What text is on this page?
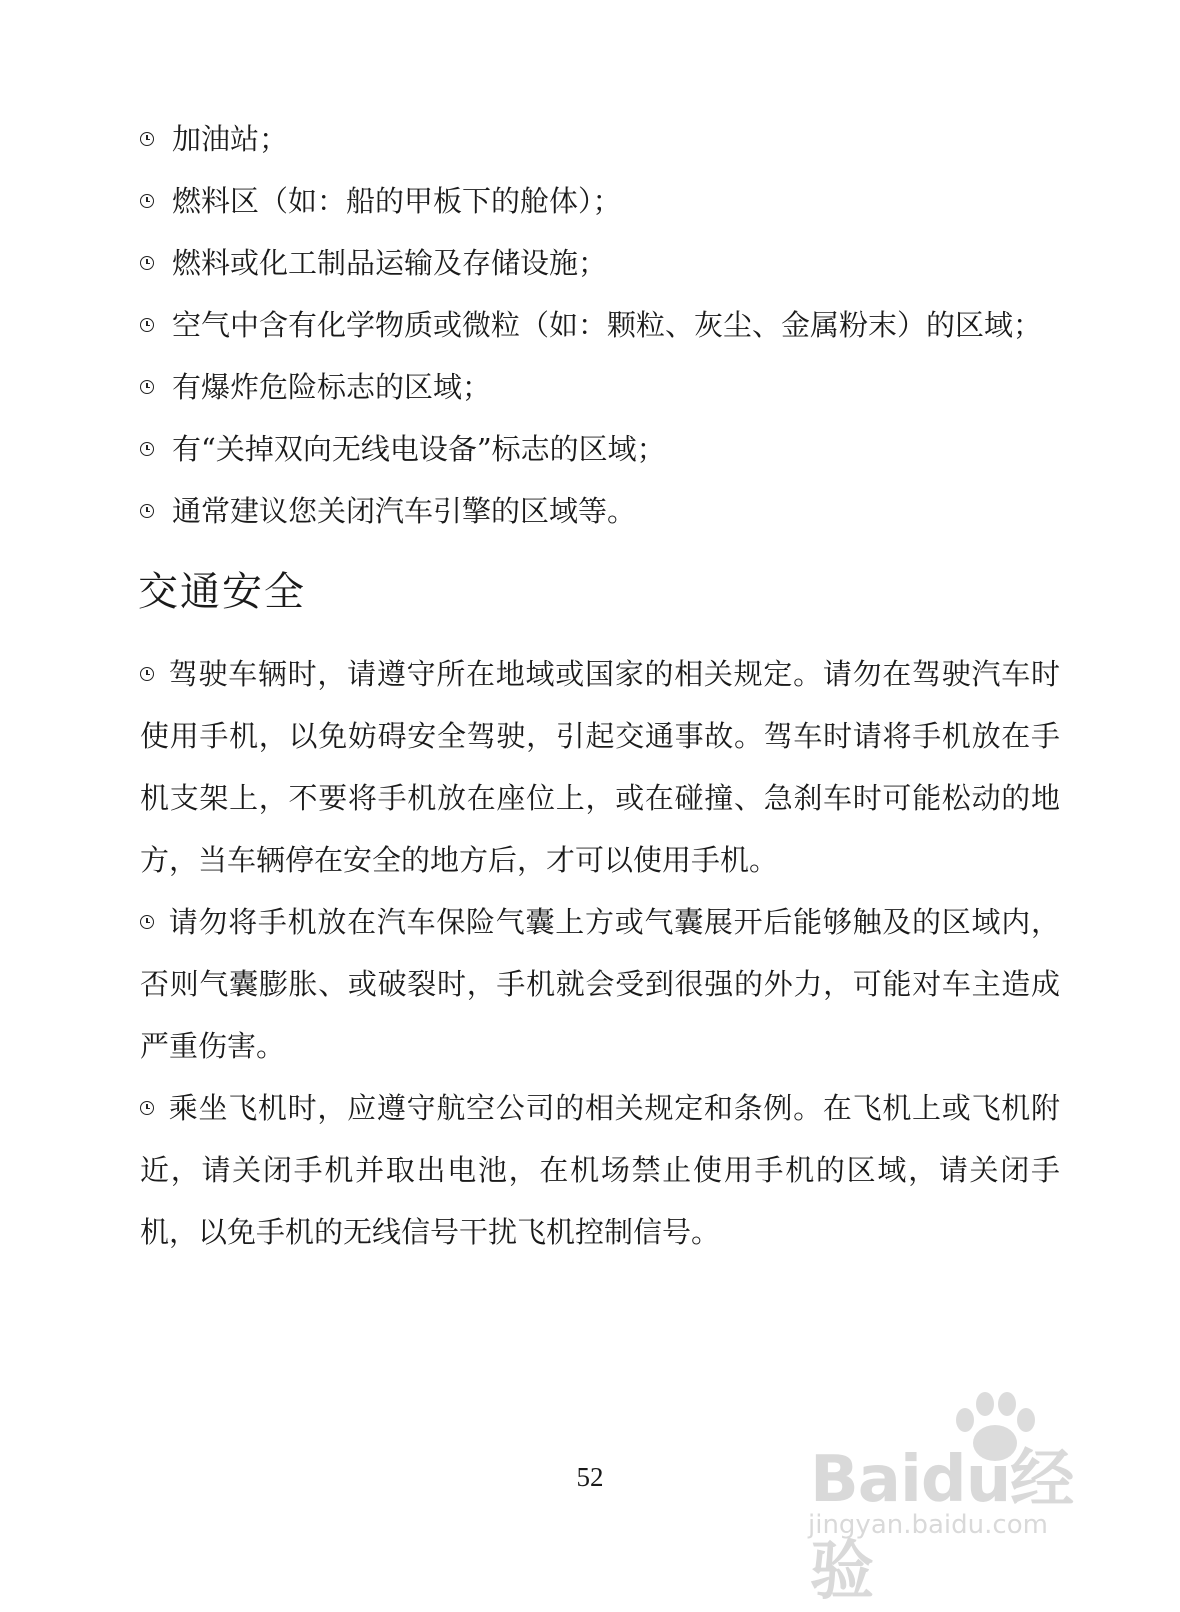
加油站；
燃料区（如：船的甲板下的舱体）；
燃料或化工制品运输及存储设施；
空气中含有化学物质或微粒（如：颗粒、灰尘、金属粉末）的区域；
有爆炸危险标志的区域；
有“关掉双向无线电设备”标志的区域；
通常建议您关闭汽车引擎的区域等。
交通安全

驾驶车辆时，请遵守所在地域或国家的相关规定。请勿在驾驶汽车时使用手机，以免妨碍安全驾驶，引起交通事故。驾车时请将手机放在手机支架上，不要将手机放在座位上，或在碰撞、急刹车时可能松动的地方，当车辆停在安全的地方后，才可以使用手机。

请勿将手机放在汽车保险气囊上方或气囊展开后能够触及的区域内，否则气囊膨胀、或破裂时，手机就会受到很强的外力，可能对车主造成严重伤害。

乘坐飞机时，应遵守航空公司的相关规定和条例。在飞机上或飞机附近，请关闭手机并取出电池，在机场禁止使用手机的区域，请关闭手机，以免手机的无线信号干扰飞机控制信号。

52	Baidu经验
jingyan.baidu.com
